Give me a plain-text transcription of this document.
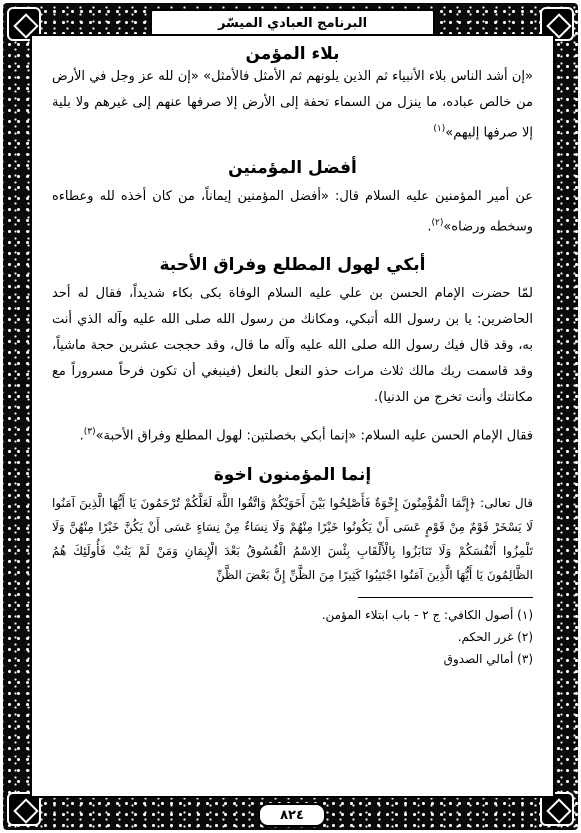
البرنامج العبادي الميسّر
بلاء المؤمن

«إن أشد الناس بلاء الأنبياء ثم الذين يلونهم ثم الأمثل فالأمثل» «إن لله عز وجل في الأرض من خالص عباده، ما ينزل من السماء تحفة إلى الأرض إلا صرفها عنهم إلى غيرهم ولا بلية إلا صرفها إليهم»$^{(١)}$

أفضل المؤمنين

عن أمير المؤمنين عليه السلام قال: «أفضل المؤمنين إيماناً، من كان أخذه لله وعطاءه وسخطه ورضاه»$^{(٢)}$.

أبكي لهول المطلع وفراق الأحبة

لمّا حضرت الإمام الحسن بن علي عليه السلام الوفاة بكى بكاء شديداً، فقال له أحد الحاضرين: يا بن رسول الله أتبكي، ومكانك من رسول الله صلى الله عليه وآله الذي أنت به، وقد قال فيك رسول الله صلى الله عليه وآله ما قال، وقد حججت عشرين حجة ماشياً، وقد قاسمت ربك مالك ثلاث مرات حذو النعل بالنعل (فينبغي أن تكون فرحاً مسروراً مع مكانتك وأنت تخرج من الدنيا).

فقال الإمام الحسن عليه السلام: «إنما أبكي بخصلتين: لهول المطلع وفراق الأحبة»$^{(٣)}$.

إنما المؤمنون اخوة

قال تعالى: ﴿إِنَّمَا الْمُؤْمِنُونَ إِخْوَةٌ فَأَصْلِحُوا بَيْنَ أَخَوَيْكُمْ وَاتَّقُوا اللَّهَ لَعَلَّكُمْ تُرْحَمُونَ يَا أَيُّهَا الَّذِينَ آمَنُوا لَا يَسْخَرْ قَوْمٌ مِنْ قَوْمٍ عَسَى أَنْ يَكُونُوا خَيْرًا مِنْهُمْ وَلَا نِسَاءٌ مِنْ نِسَاءٍ عَسَى أَنْ يَكُنَّ خَيْرًا مِنْهُنَّ وَلَا تَلْمِزُوا أَنْفُسَكُمْ وَلَا تَنَابَزُوا بِالْأَلْقَابِ بِئْسَ الِاسْمُ الْفُسُوقُ بَعْدَ الْإِيمَانِ وَمَنْ لَمْ يَتُبْ فَأُولَئِكَ هُمُ الظَّالِمُونَ يَا أَيُّهَا الَّذِينَ آمَنُوا اجْتَنِبُوا كَثِيرًا مِنَ الظَّنِّ إِنَّ بَعْضَ الظَّنِّ

(١) أصول الكافي: ج ٢ - باب ابتلاء المؤمن.
(٢) غرر الحكم.
(٣) أمالي الصدوق
٨٢٤
